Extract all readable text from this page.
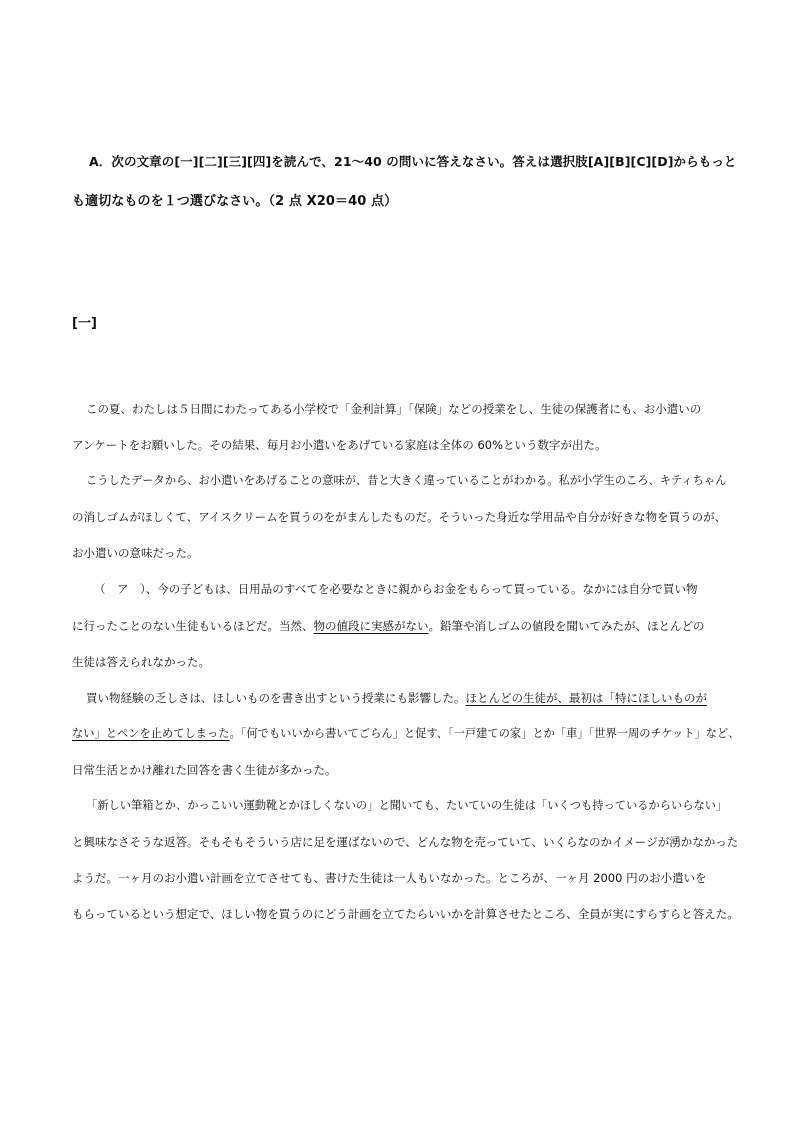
A．次の文章の[一][二][三][四]を読んで、21～40 の問いに答えなさい。答えは選択肢[A][B][C][D]からもっと
も適切なものを１つ選びなさい。（2 点 X20＝40 点）
[一]
この夏、わたしは５日間にわたってある小学校で「金利計算」「保険」などの授業をし、生徒の保護者にも、お小遣いの
アンケートをお願いした。その結果、毎月お小遣いをあげている家庭は全体の 60%という数字が出た。
こうしたデータから、お小遣いをあげることの意味が、昔と大きく違っていることがわかる。私が小学生のころ、キティちゃん
の消しゴムがほしくて、アイスクリームを買うのをがまんしたものだ。そういった身近な学用品や自分が好きな物を買うのが、
お小遣いの意味だった。
（　ア　）、今の子どもは、日用品のすべてを必要なときに親からお金をもらって買っている。なかには自分で買い物
に行ったことのない生徒もいるほどだ。当然、物の値段に実感がない。鉛筆や消しゴムの値段を聞いてみたが、ほとんどの
生徒は答えられなかった。
買い物経験の乏しさは、ほしいものを書き出すという授業にも影響した。ほとんどの生徒が、最初は「特にほしいものが
ない」とペンを止めてしまった。「何でもいいから書いてごらん」と促す、「一戸建ての家」とか「車」「世界一周のチケット」など、
日常生活とかけ離れた回答を書く生徒が多かった。
「新しい筆箱とか、かっこいい運動靴とかほしくないの」と聞いても、たいていの生徒は「いくつも持っているからいらない」
と興味なさそうな返答。そもそもそういう店に足を運ばないので、どんな物を売っていて、いくらなのかイメージが湧かなかった
ようだ。一ヶ月のお小遣い計画を立てさせても、書けた生徒は一人もいなかった。ところが、一ヶ月 2000 円のお小遣いを
もらっているという想定で、ほしい物を買うのにどう計画を立てたらいいかを計算させたところ、全員が実にすらすらと答えた。
